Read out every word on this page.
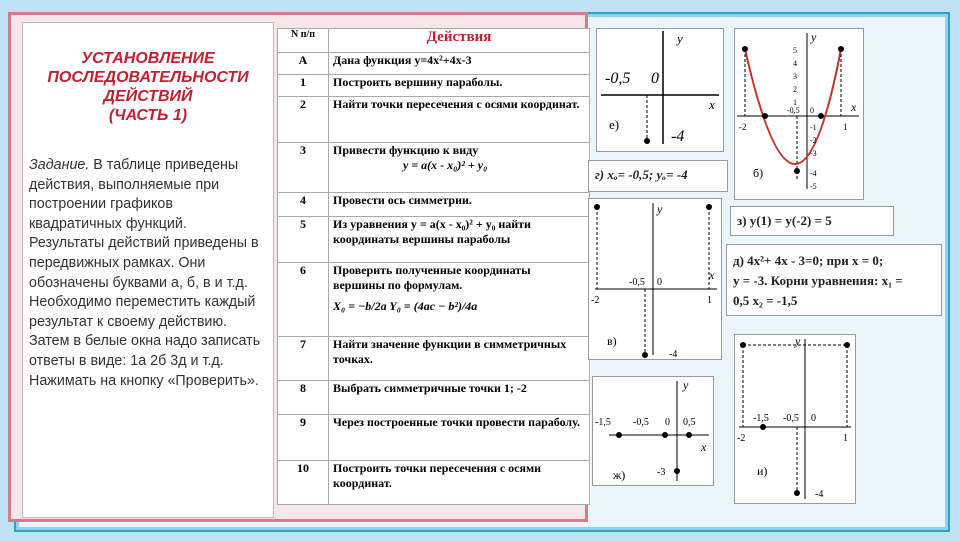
УСТАНОВЛЕНИЕ
ПОСЛЕДОВАТЕЛЬНОСТИ
ДЕЙСТВИЙ
(ЧАСТЬ 1)

Задание. В таблице приведены действия, выполняемые при построении графиков квадратичных функций.

Результаты действий приведены в передвижных рамках. Они обозначены буквами а, б, в и т.д.

Необходимо переместить каждый результат к своему действию.

Затем в белые окна надо записать ответы в виде: 1а 2б 3д и т.д.

Нажимать на кнопку «Проверить».

N п/п	Действия
А	Дана функция y=4x²+4x-3
1	Построить вершину параболы.
2	Найти точки пересечения с осями координат.
3	Привести функцию к виду
y = a(x - x₀)² + y₀

4	Провести ось симметрии.
5	Из уравнения y = a(x - x₀)² + y₀ найти координаты вершины параболы
6	Проверить полученные координаты вершины по формулам.
X₀ = −b/2a Y₀ = (4ac − b²)/4a

7	Найти значение функции в симметричных точках.
8	Выбрать симметричные точки 1; -2
9	Через построенные точки провести параболу.
10	Построить точки пересечения с осями координат.
y
x
-0,5 0
-4
е)
y
x
5
4
3
2
1
-0,5 0
-1
-2
-3
-4
-5
-2	1
б)
г) xₒ= -0,5; yₒ= -4
з) y(1) = y(-2) = 5
д) 4x²+ 4x - 3=0; при x = 0;
y = -3. Корни уравнения: x₁ =
0,5 x₂ = -1,5
y
x
-0,5 0
-2	1
-4
в)
y
x
-1,5 -0,5 0 0,5
-3
ж)
y
-1,5 -0,5 0
-2	1
-4
и)
